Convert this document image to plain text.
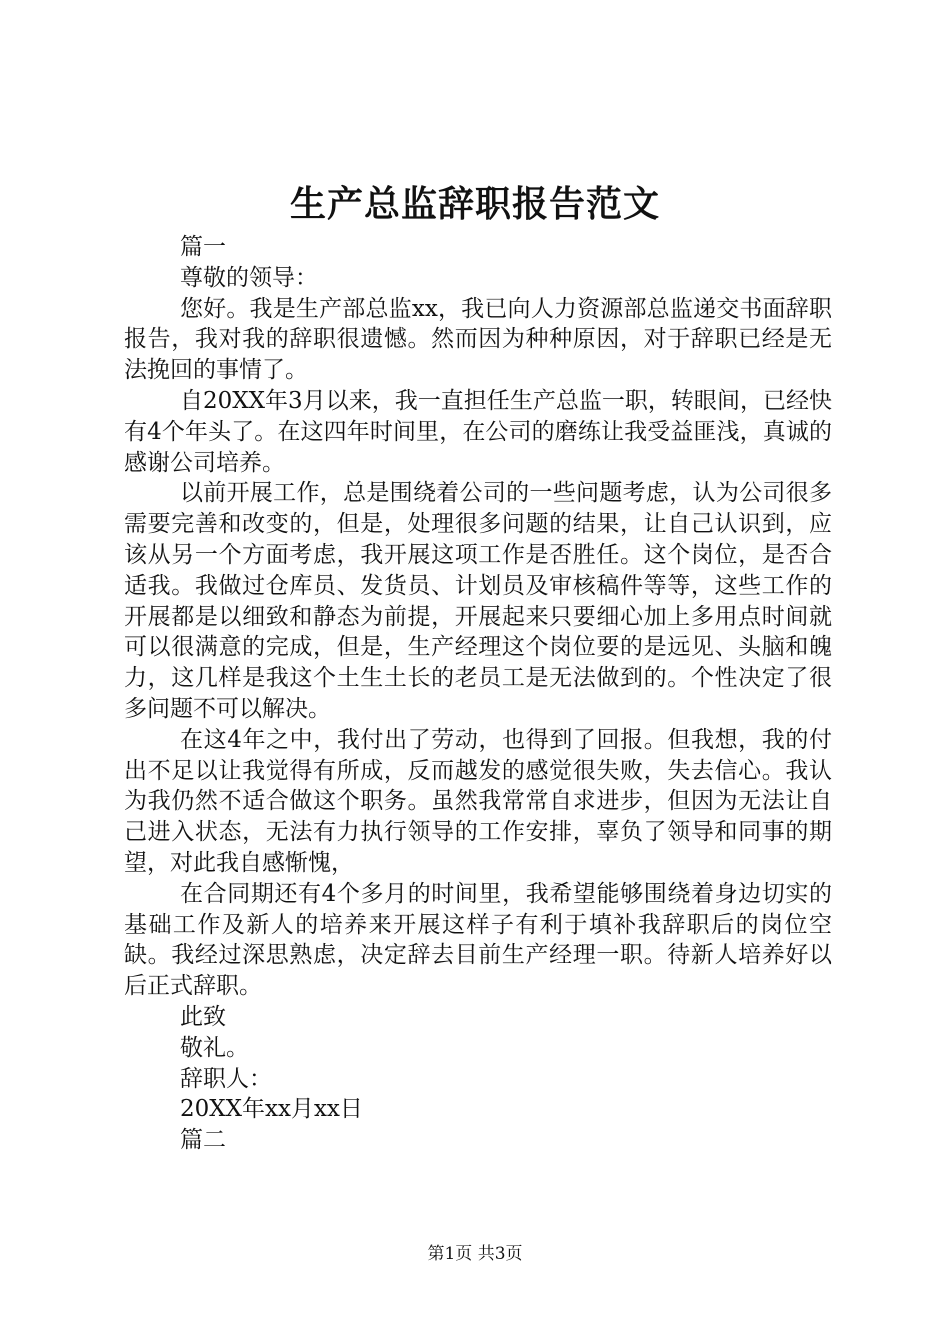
生产总监辞职报告范文

篇一

尊敬的领导：

您好。我是生产部总监xx，我已向人力资源部总监递交书面辞职报告，我对我的辞职很遗憾。然而因为种种原因，对于辞职已经是无法挽回的事情了。

自20XX年3月以来，我一直担任生产总监一职，转眼间，已经快有4个年头了。在这四年时间里，在公司的磨练让我受益匪浅，真诚的感谢公司培养。

以前开展工作，总是围绕着公司的一些问题考虑，认为公司很多需要完善和改变的，但是，处理很多问题的结果，让自己认识到，应该从另一个方面考虑，我开展这项工作是否胜任。这个岗位，是否合适我。我做过仓库员、发货员、计划员及审核稿件等等，这些工作的开展都是以细致和静态为前提，开展起来只要细心加上多用点时间就可以很满意的完成，但是，生产经理这个岗位要的是远见、头脑和魄力，这几样是我这个土生土长的老员工是无法做到的。个性决定了很多问题不可以解决。

在这4年之中，我付出了劳动，也得到了回报。但我想，我的付出不足以让我觉得有所成，反而越发的感觉很失败，失去信心。我认为我仍然不适合做这个职务。虽然我常常自求进步，但因为无法让自己进入状态，无法有力执行领导的工作安排，辜负了领导和同事的期望，对此我自感惭愧，

在合同期还有4个多月的时间里，我希望能够围绕着身边切实的基础工作及新人的培养来开展这样子有利于填补我辞职后的岗位空缺。我经过深思熟虑，决定辞去目前生产经理一职。待新人培养好以后正式辞职。

此致

敬礼。

辞职人：

20XX年xx月xx日

篇二

第1页 共3页
